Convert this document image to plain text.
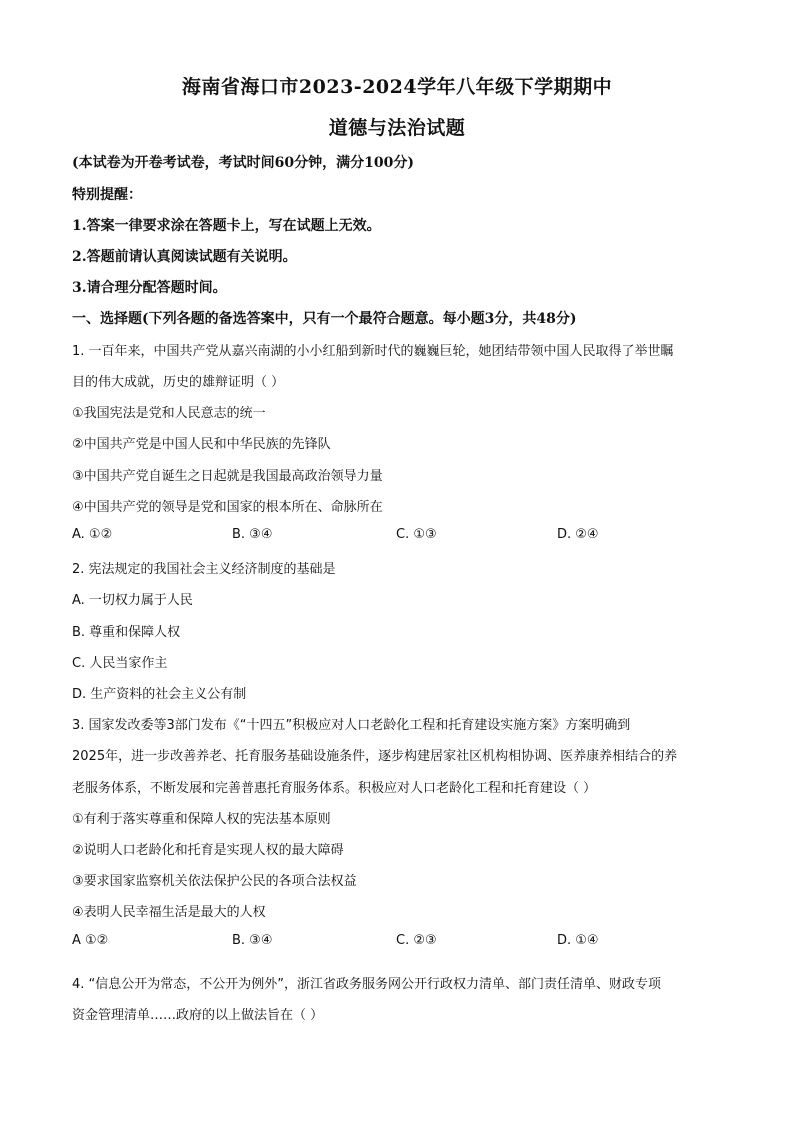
海南省海口市2023-2024学年八年级下学期期中
道德与法治试题
(本试卷为开卷考试卷，考试时间60分钟，满分100分)
特别提醒：
1.答案一律要求涂在答题卡上，写在试题上无效。
2.答题前请认真阅读试题有关说明。
3.请合理分配答题时间。
一、选择题(下列各题的备选答案中，只有一个最符合题意。每小题3分，共48分)
1. 一百年来，中国共产党从嘉兴南湖的小小红船到新时代的巍巍巨轮，她团结带领中国人民取得了举世瞩
目的伟大成就，历史的雄辩证明（ ）
①我国宪法是党和人民意志的统一
②中国共产党是中国人民和中华民族的先锋队
③中国共产党自诞生之日起就是我国最高政治领导力量
④中国共产党的领导是党和国家的根本所在、命脉所在
A. ①②	B. ③④	C. ①③	D. ②④
2. 宪法规定的我国社会主义经济制度的基础是
A. 一切权力属于人民
B. 尊重和保障人权
C. 人民当家作主
D. 生产资料的社会主义公有制
3. 国家发改委等3部门发布《“十四五”积极应对人口老龄化工程和托育建设实施方案》方案明确到
2025年，进一步改善养老、托育服务基础设施条件，逐步构建居家社区机构相协调、医养康养相结合的养
老服务体系，不断发展和完善普惠托育服务体系。积极应对人口老龄化工程和托育建设（ ）
①有利于落实尊重和保障人权的宪法基本原则
②说明人口老龄化和托育是实现人权的最大障碍
③要求国家监察机关依法保护公民的各项合法权益
④表明人民幸福生活是最大的人权
A ①②	B. ③④	C. ②③	D. ①④
4. “信息公开为常态，不公开为例外”，浙江省政务服务网公开行政权力清单、部门责任清单、财政专项
资金管理清单……政府的以上做法旨在（ ）
